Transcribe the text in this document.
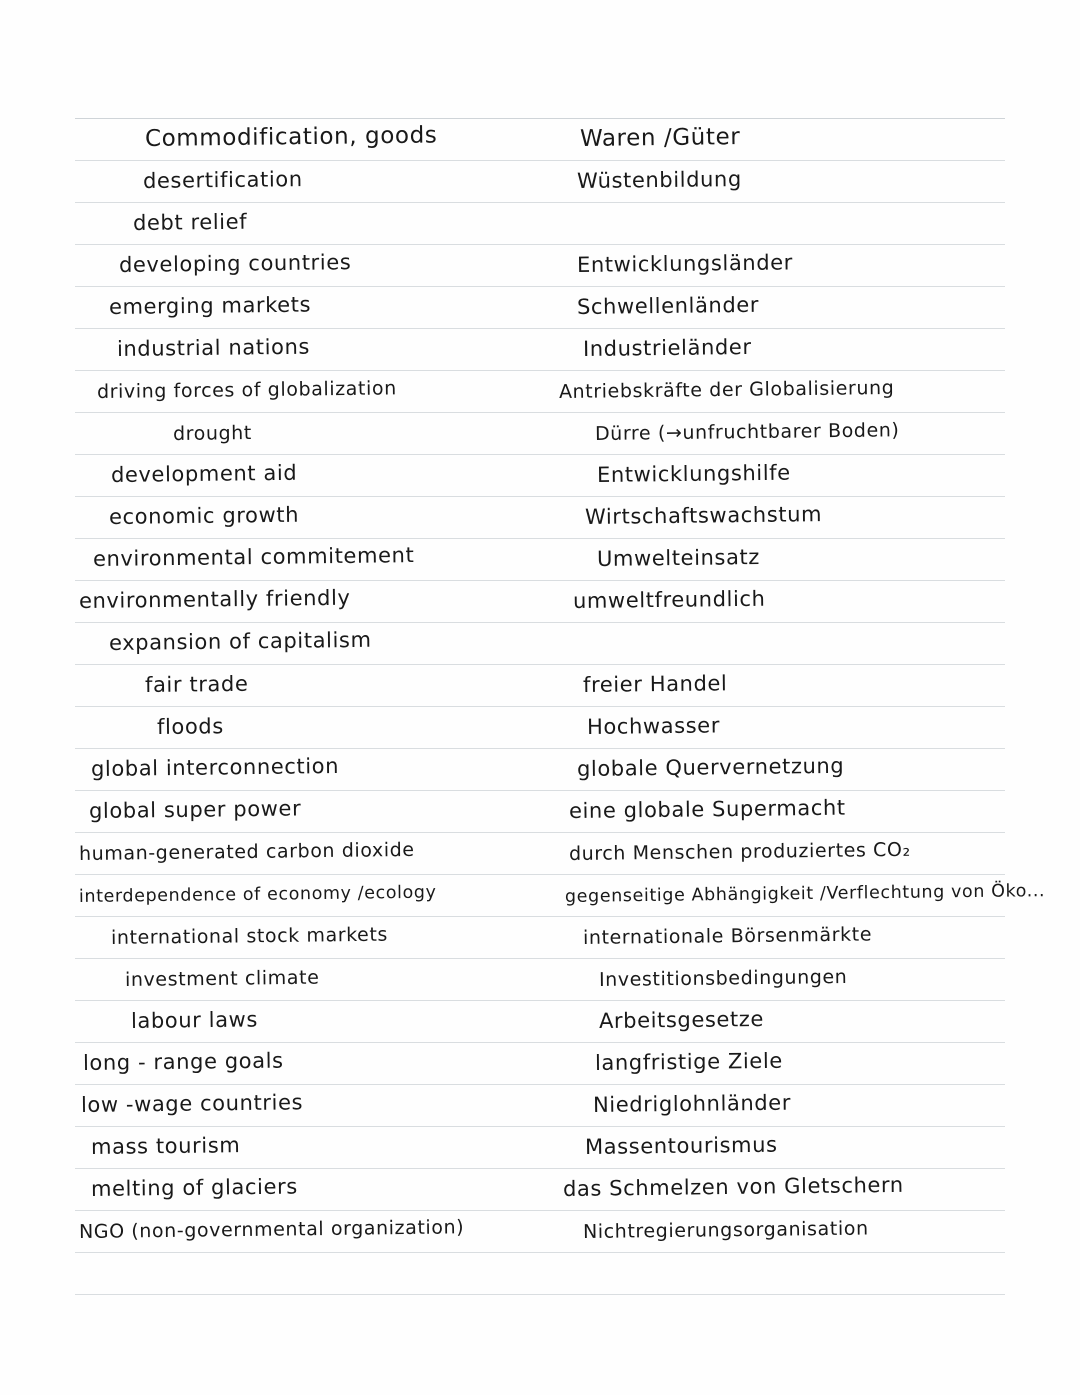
Commodification, goods	Waren /Güter
desertification	Wüstenbildung
debt relief
developing countries	Entwicklungsländer
emerging markets	Schwellenländer
industrial nations	Industrieländer
driving forces of globalization	Antriebskräfte der Globalisierung
drought	Dürre (→unfruchtbarer Boden)
development aid	Entwicklungshilfe
economic growth	Wirtschaftswachstum
environmental commitement	Umwelteinsatz
environmentally friendly	umweltfreundlich
expansion of capitalism
fair trade	freier Handel
floods	Hochwasser
global interconnection	globale Quervernetzung
global super power	eine globale Supermacht
human-generated carbon dioxide	durch Menschen produziertes CO₂
interdependence of economy /ecology	gegenseitige Abhängigkeit /Verflechtung von Öko...
international stock markets	internationale Börsenmärkte
investment climate	Investitionsbedingungen
labour laws	Arbeitsgesetze
long - range goals	langfristige Ziele
low -wage countries	Niedriglohnländer
mass tourism	Massentourismus
melting of glaciers	das Schmelzen von Gletschern
NGO (non-governmental organization)	Nichtregierungsorganisation
